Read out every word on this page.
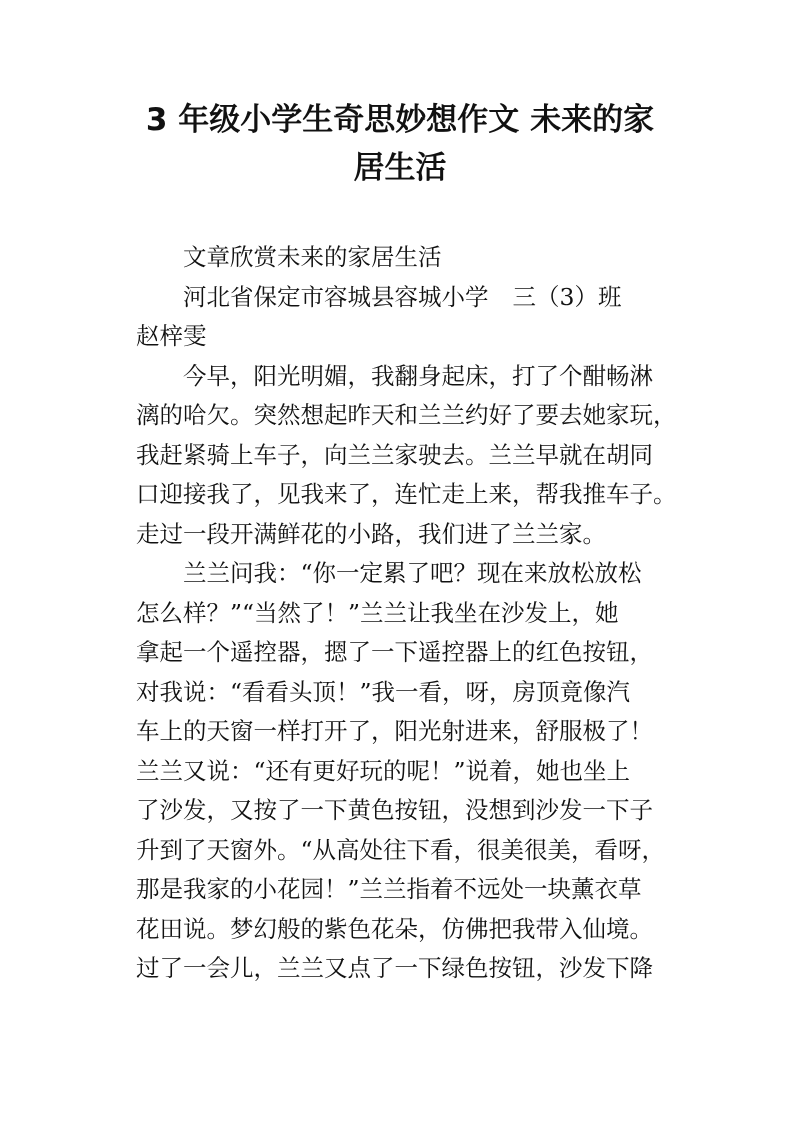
3 年级小学生奇思妙想作文 未来的家
居生活
文章欣赏未来的家居生活
河北省保定市容城县容城小学 三（3）班
赵梓雯
今早，阳光明媚，我翻身起床，打了个酣畅淋
漓的哈欠。突然想起昨天和兰兰约好了要去她家玩，
我赶紧骑上车子，向兰兰家驶去。兰兰早就在胡同
口迎接我了，见我来了，连忙走上来，帮我推车子。
走过一段开满鲜花的小路，我们进了兰兰家。
兰兰问我：“你一定累了吧？现在来放松放松
怎么样？”“当然了！”兰兰让我坐在沙发上，她
拿起一个遥控器，摁了一下遥控器上的红色按钮，
对我说：“看看头顶！”我一看，呀，房顶竟像汽
车上的天窗一样打开了，阳光射进来，舒服极了！
兰兰又说：“还有更好玩的呢！”说着，她也坐上
了沙发，又按了一下黄色按钮，没想到沙发一下子
升到了天窗外。“从高处往下看，很美很美，看呀，
那是我家的小花园！”兰兰指着不远处一块薰衣草
花田说。梦幻般的紫色花朵，仿佛把我带入仙境。
过了一会儿，兰兰又点了一下绿色按钮，沙发下降
